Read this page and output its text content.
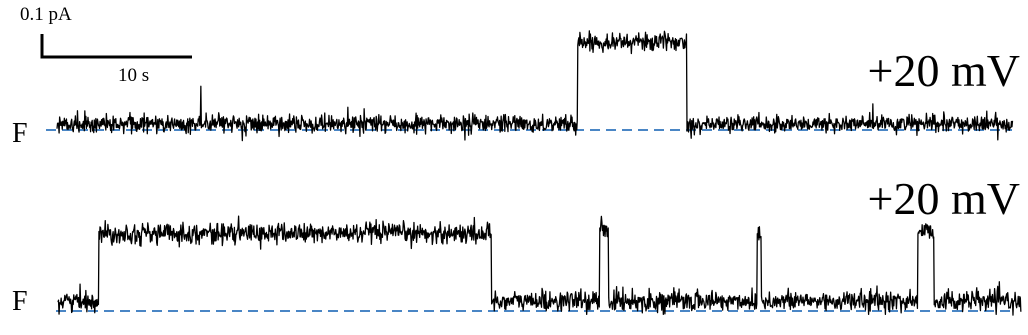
0.1 pA
10 s	+20 mV
F
+20 mV
F
